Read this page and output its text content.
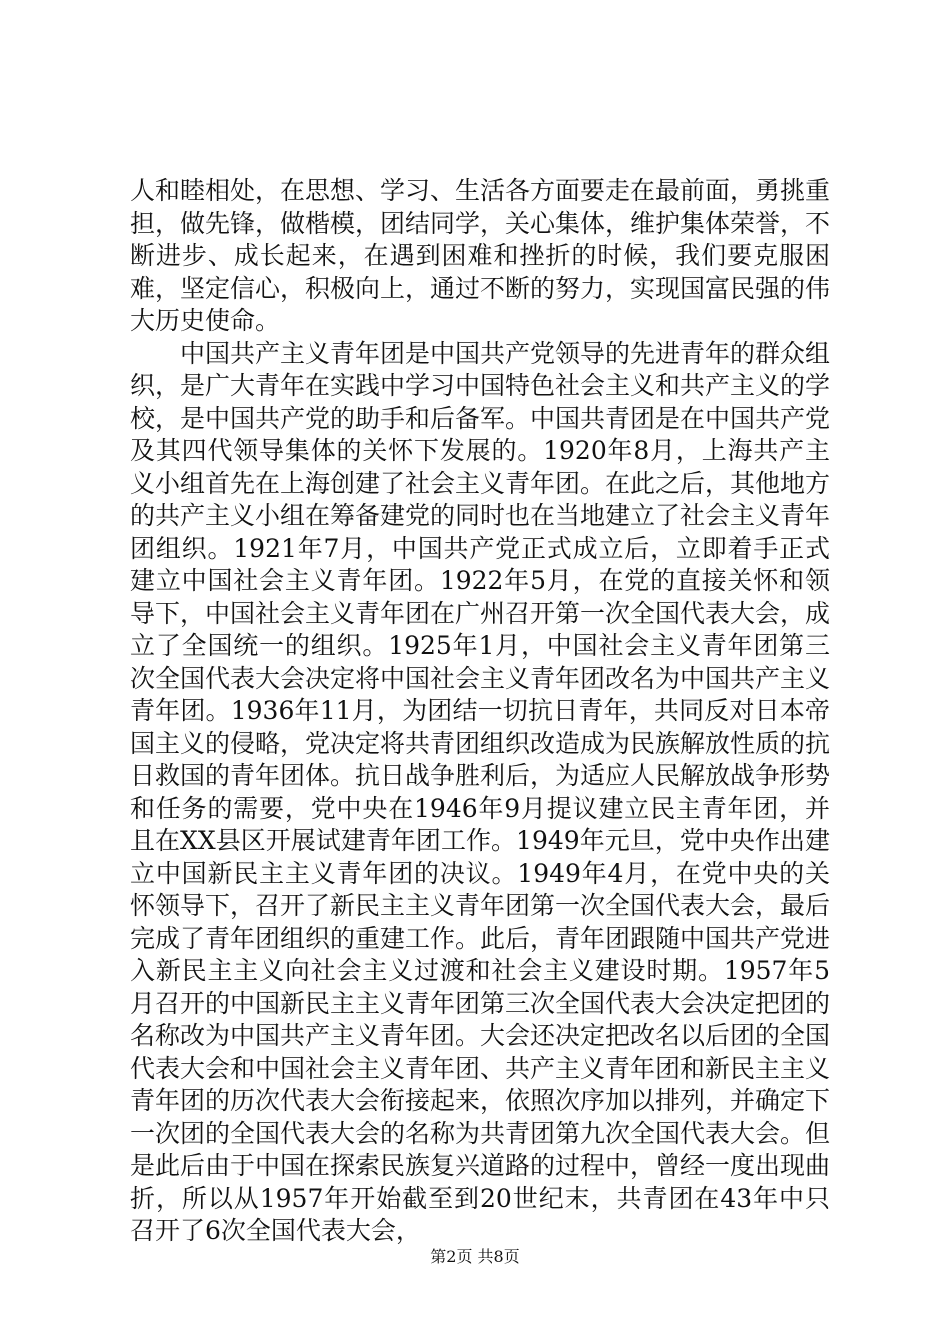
人和睦相处，在思想、学习、生活各方面要走在最前面，勇挑重担，做先锋，做楷模，团结同学，关心集体，维护集体荣誉，不断进步、成长起来，在遇到困难和挫折的时候，我们要克服困难，坚定信心，积极向上，通过不断的努力，实现国富民强的伟大历史使命。

中国共产主义青年团是中国共产党领导的先进青年的群众组织，是广大青年在实践中学习中国特色社会主义和共产主义的学校，是中国共产党的助手和后备军。中国共青团是在中国共产党及其四代领导集体的关怀下发展的。1920年8月，上海共产主义小组首先在上海创建了社会主义青年团。在此之后，其他地方的共产主义小组在筹备建党的同时也在当地建立了社会主义青年团组织。1921年7月，中国共产党正式成立后，立即着手正式建立中国社会主义青年团。1922年5月，在党的直接关怀和领导下，中国社会主义青年团在广州召开第一次全国代表大会，成立了全国统一的组织。1925年1月，中国社会主义青年团第三次全国代表大会决定将中国社会主义青年团改名为中国共产主义青年团。1936年11月，为团结一切抗日青年，共同反对日本帝国主义的侵略，党决定将共青团组织改造成为民族解放性质的抗日救国的青年团体。抗日战争胜利后，为适应人民解放战争形势和任务的需要，党中央在1946年9月提议建立民主青年团，并且在XX县区开展试建青年团工作。1949年元旦，党中央作出建立中国新民主主义青年团的决议。1949年4月，在党中央的关怀领导下，召开了新民主主义青年团第一次全国代表大会，最后完成了青年团组织的重建工作。此后，青年团跟随中国共产党进入新民主主义向社会主义过渡和社会主义建设时期。1957年5月召开的中国新民主主义青年团第三次全国代表大会决定把团的名称改为中国共产主义青年团。大会还决定把改名以后团的全国代表大会和中国社会主义青年团、共产主义青年团和新民主主义青年团的历次代表大会衔接起来，依照次序加以排列，并确定下一次团的全国代表大会的名称为共青团第九次全国代表大会。但是此后由于中国在探索民族复兴道路的过程中，曾经一度出现曲折，所以从1957年开始截至到20世纪末，共青团在43年中只召开了6次全国代表大会，

第2页 共8页
